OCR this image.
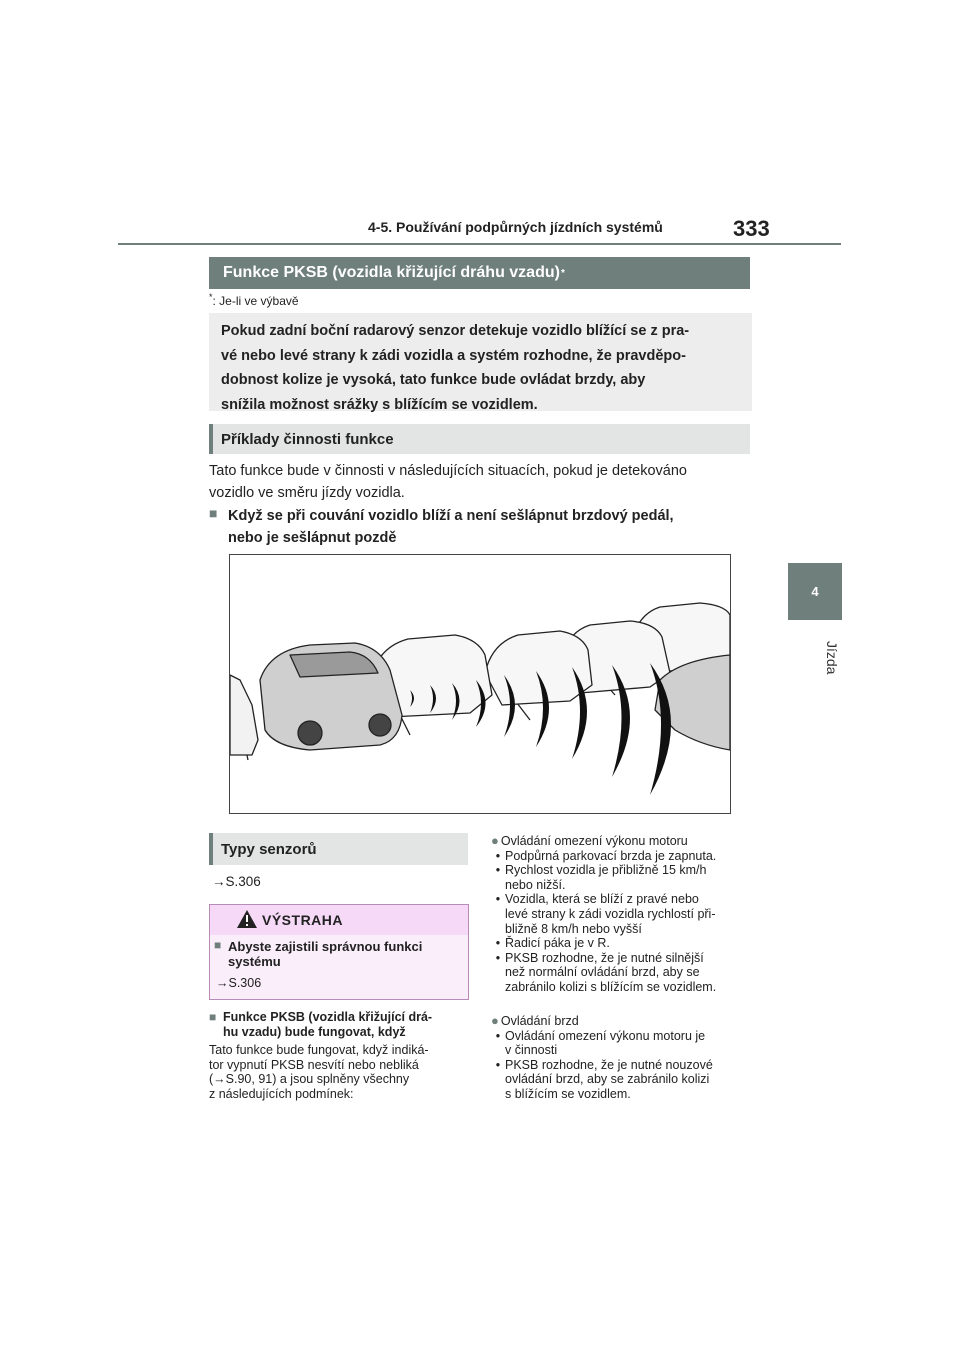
4-5. Používání podpůrných jízdních systémů	333
4
Jízda
Funkce PKSB (vozidla křižující dráhu vzadu) *
*: Je-li ve výbavě
Pokud zadní boční radarový senzor detekuje vozidlo blížící se z pra-
vé nebo levé strany k zádi vozidla a systém rozhodne, že pravděpo-
dobnost kolize je vysoká, tato funkce bude ovládat brzdy, aby
snížila možnost srážky s blížícím se vozidlem.
Příklady činnosti funkce
Tato funkce bude v činnosti v následujících situacích, pokud je detekováno
vozidlo ve směru jízdy vozidla.
■ Když se při couvání vozidlo blíží a není sešlápnut brzdový pedál,
nebo je sešlápnut pozdě
Typy senzorů
→S.306
VÝSTRAHA
■ Abyste zajistili správnou funkci
systému
→S.306
■ Funkce PKSB (vozidla křižující drá-
hu vzadu) bude fungovat, když
Tato funkce bude fungovat, když indiká-
tor vypnutí PKSB nesvítí nebo nebliká
(→S.90, 91) a jsou splněny všechny
z následujících podmínek:
● Ovládání omezení výkonu motoru
• Podpůrná parkovací brzda je zapnuta.
• Rychlost vozidla je přibližně 15 km/h
nebo nižší.
• Vozidla, která se blíží z pravé nebo
levé strany k zádi vozidla rychlostí při-
bližně 8 km/h nebo vyšší
• Řadicí páka je v R.
• PKSB rozhodne, že je nutné silnější
než normální ovládání brzd, aby se
zabránilo kolizi s blížícím se vozidlem.
● Ovládání brzd
• Ovládání omezení výkonu motoru je
v činnosti
• PKSB rozhodne, že je nutné nouzové
ovládání brzd, aby se zabránilo kolizi
s blížícím se vozidlem.
